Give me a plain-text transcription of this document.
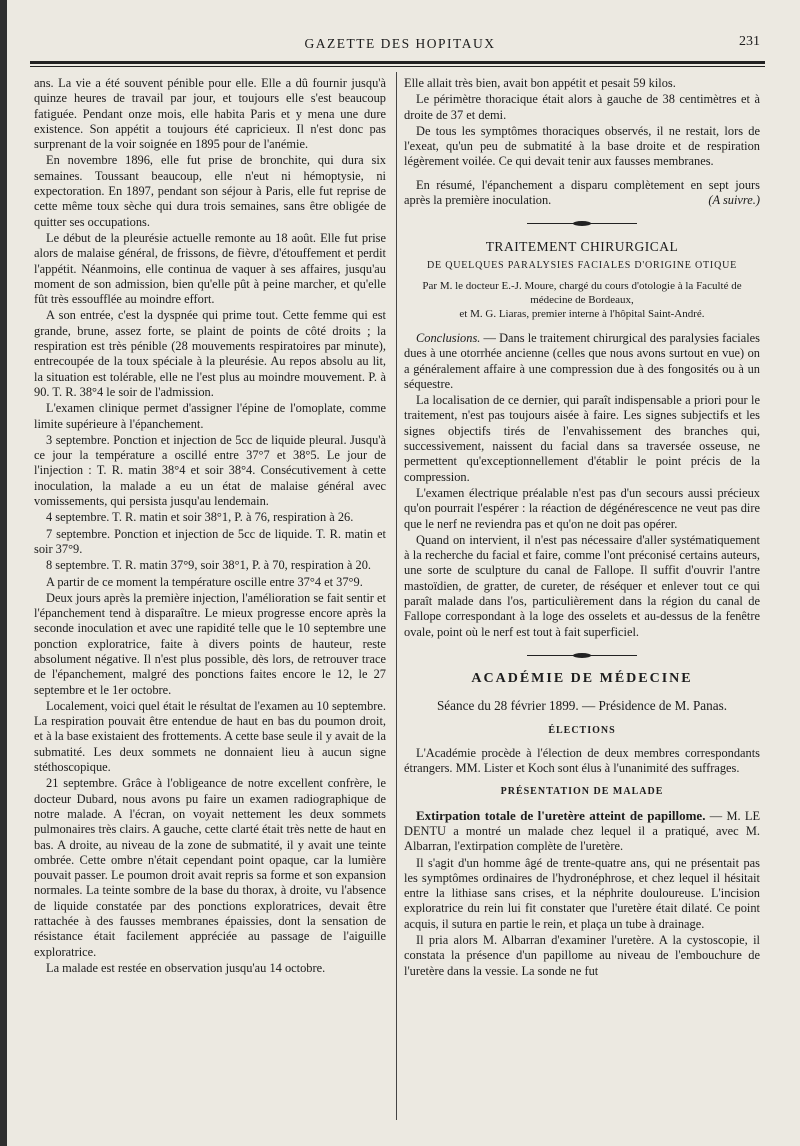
GAZETTE DES HOPITAUX	231

ans. La vie a été souvent pénible pour elle. Elle a dû fournir jusqu'à quinze heures de travail par jour, et toujours elle s'est beaucoup fatiguée. Pendant onze mois, elle habita Paris et y mena une dure existence. Son appétit a toujours été capricieux. Il n'est donc pas surprenant de la voir soignée en 1895 pour de l'anémie.

En novembre 1896, elle fut prise de bronchite, qui dura six semaines. Toussant beaucoup, elle n'eut ni hémoptysie, ni expectoration. En 1897, pendant son séjour à Paris, elle fut reprise de cette même toux sèche qui dura trois semaines, sans être obligée de quitter ses occupations.

Le début de la pleurésie actuelle remonte au 18 août. Elle fut prise alors de malaise général, de frissons, de fièvre, d'étouffement et perdit l'appétit. Néanmoins, elle continua de vaquer à ses affaires, jusqu'au moment de son admission, bien qu'elle pût à peine marcher, et qu'elle fût très essoufflée au moindre effort.

A son entrée, c'est la dyspnée qui prime tout. Cette femme qui est grande, brune, assez forte, se plaint de points de côté droits ; la respiration est très pénible (28 mouvements respiratoires par minute), entrecoupée de la toux spéciale à la pleurésie. Au repos absolu au lit, la situation est tolérable, elle ne l'est plus au moindre mouvement. P. à 90. T. R. 38°4 le soir de l'admission.

L'examen clinique permet d'assigner l'épine de l'omoplate, comme limite supérieure à l'épanchement.

3 septembre. Ponction et injection de 5cc de liquide pleural. Jusqu'à ce jour la température a oscillé entre 37°7 et 38°5. Le jour de l'injection : T. R. matin 38°4 et soir 38°4. Consécutivement à cette inoculation, la malade a eu un état de malaise général avec vomissements, qui persista jusqu'au lendemain.

4 septembre. T. R. matin et soir 38°1, P. à 76, respiration à 26.

7 septembre. Ponction et injection de 5cc de liquide. T. R. matin et soir 37°9.

8 septembre. T. R. matin 37°9, soir 38°1, P. à 70, respiration à 20.

A partir de ce moment la température oscille entre 37°4 et 37°9.

Deux jours après la première injection, l'amélioration se fait sentir et l'épanchement tend à disparaître. Le mieux progresse encore après la seconde inoculation et avec une rapidité telle que le 10 septembre une ponction exploratrice, faite à divers points de hauteur, reste absolument négative. Il n'est plus possible, dès lors, de retrouver trace de l'épanchement, malgré des ponctions faites encore le 12, le 27 septembre et le 1er octobre.

Localement, voici quel était le résultat de l'examen au 10 septembre. La respiration pouvait être entendue de haut en bas du poumon droit, et à la base existaient des frottements. A cette base seule il y avait de la submatité. Les deux sommets ne donnaient lieu à aucun signe stéthoscopique.

21 septembre. Grâce à l'obligeance de notre excellent confrère, le docteur Dubard, nous avons pu faire un examen radiographique de notre malade. A l'écran, on voyait nettement les deux sommets pulmonaires très clairs. A gauche, cette clarté était très nette de haut en bas. A droite, au niveau de la zone de submatité, il y avait une teinte ombrée. Cette ombre n'était cependant point opaque, car la lumière pouvait passer. Le poumon droit avait repris sa forme et son expansion normales. La teinte sombre de la base du thorax, à droite, vu l'absence de liquide constatée par des ponctions exploratrices, devait être rattachée à des fausses membranes épaissies, dont la sensation de résistance était facilement appréciée au passage de l'aiguille exploratrice.

La malade est restée en observation jusqu'au 14 octobre.

Elle allait très bien, avait bon appétit et pesait 59 kilos.

Le périmètre thoracique était alors à gauche de 38 centimètres et à droite de 37 et demi.

De tous les symptômes thoraciques observés, il ne restait, lors de l'exeat, qu'un peu de submatité à la base droite et de respiration légèrement voilée. Ce qui devait tenir aux fausses membranes.

En résumé, l'épanchement a disparu complètement en sept jours après la première inoculation.	(A suivre.)

TRAITEMENT CHIRURGICAL
DE QUELQUES PARALYSIES FACIALES D'ORIGINE OTIQUE
Par M. le docteur E.-J. Moure, chargé du cours d'otologie à la Faculté de médecine de Bordeaux,
et M. G. Liaras, premier interne à l'hôpital Saint-André.

Conclusions. — Dans le traitement chirurgical des paralysies faciales dues à une otorrhée ancienne (celles que nous avons surtout en vue) on a généralement affaire à une compression due à des fongosités ou à un séquestre.

La localisation de ce dernier, qui paraît indispensable a priori pour le traitement, n'est pas toujours aisée à faire. Les signes subjectifs et les signes objectifs tirés de l'envahissement des branches qui, successivement, naissent du facial dans sa traversée osseuse, ne permettent qu'exceptionnellement d'établir le point précis de la compression.

L'examen électrique préalable n'est pas d'un secours aussi précieux qu'on pourrait l'espérer : la réaction de dégénérescence ne veut pas dire que le nerf ne reviendra pas et qu'on ne doit pas opérer.

Quand on intervient, il n'est pas nécessaire d'aller systématiquement à la recherche du facial et faire, comme l'ont préconisé certains auteurs, une sorte de sculpture du canal de Fallope. Il suffit d'ouvrir l'antre mastoïdien, de gratter, de cureter, de réséquer et enlever tout ce qui paraît malade dans l'os, particulièrement dans la région du canal de Fallope correspondant à la loge des osselets et au-dessus de la fenêtre ovale, point où le nerf est tout à fait superficiel.

ACADÉMIE DE MÉDECINE
Séance du 28 février 1899. — Présidence de M. Panas.
ÉLECTIONS

L'Académie procède à l'élection de deux membres correspondants étrangers. MM. Lister et Koch sont élus à l'unanimité des suffrages.

PRÉSENTATION DE MALADE

Extirpation totale de l'uretère atteint de papillome. — M. LE DENTU a montré un malade chez lequel il a pratiqué, avec M. Albarran, l'extirpation complète de l'uretère.

Il s'agit d'un homme âgé de trente-quatre ans, qui ne présentait pas les symptômes ordinaires de l'hydronéphrose, et chez lequel il hésitait entre la lithiase sans crises, et la néphrite douloureuse. L'incision exploratrice du rein lui fit constater que l'uretère était dilaté. Ce point acquis, il sutura en partie le rein, et plaça un tube à drainage.

Il pria alors M. Albarran d'examiner l'uretère. A la cystoscopie, il constata la présence d'un papillome au niveau de l'embouchure de l'uretère dans la vessie. La sonde ne fut
